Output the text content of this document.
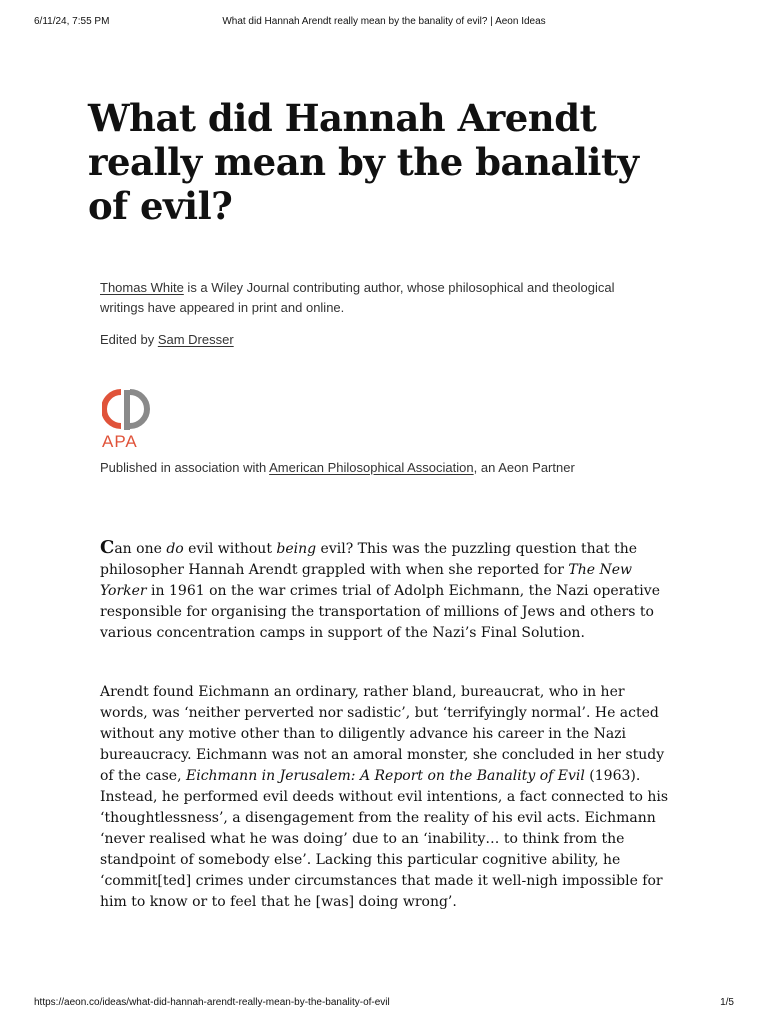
6/11/24, 7:55 PM	What did Hannah Arendt really mean by the banality of evil? | Aeon Ideas
What did Hannah Arendt really mean by the banality of evil?

Thomas White is a Wiley Journal contributing author, whose philosophical and theological writings have appeared in print and online.

Edited by Sam Dresser

APA

Published in association with American Philosophical Association, an Aeon Partner

Can one do evil without being evil? This was the puzzling question that the philosopher Hannah Arendt grappled with when she reported for The New Yorker in 1961 on the war crimes trial of Adolph Eichmann, the Nazi operative responsible for organising the transportation of millions of Jews and others to various concentration camps in support of the Nazi’s Final Solution.

Arendt found Eichmann an ordinary, rather bland, bureaucrat, who in her words, was ‘neither perverted nor sadistic’, but ‘terrifyingly normal’. He acted without any motive other than to diligently advance his career in the Nazi bureaucracy. Eichmann was not an amoral monster, she concluded in her study of the case, Eichmann in Jerusalem: A Report on the Banality of Evil (1963). Instead, he performed evil deeds without evil intentions, a fact connected to his ‘thoughtlessness’, a disengagement from the reality of his evil acts. Eichmann ‘never realised what he was doing’ due to an ‘inability… to think from the standpoint of somebody else’. Lacking this particular cognitive ability, he ‘commit[ted] crimes under circumstances that made it well-nigh impossible for him to know or to feel that he [was] doing wrong’.

https://aeon.co/ideas/what-did-hannah-arendt-really-mean-by-the-banality-of-evil	1/5
